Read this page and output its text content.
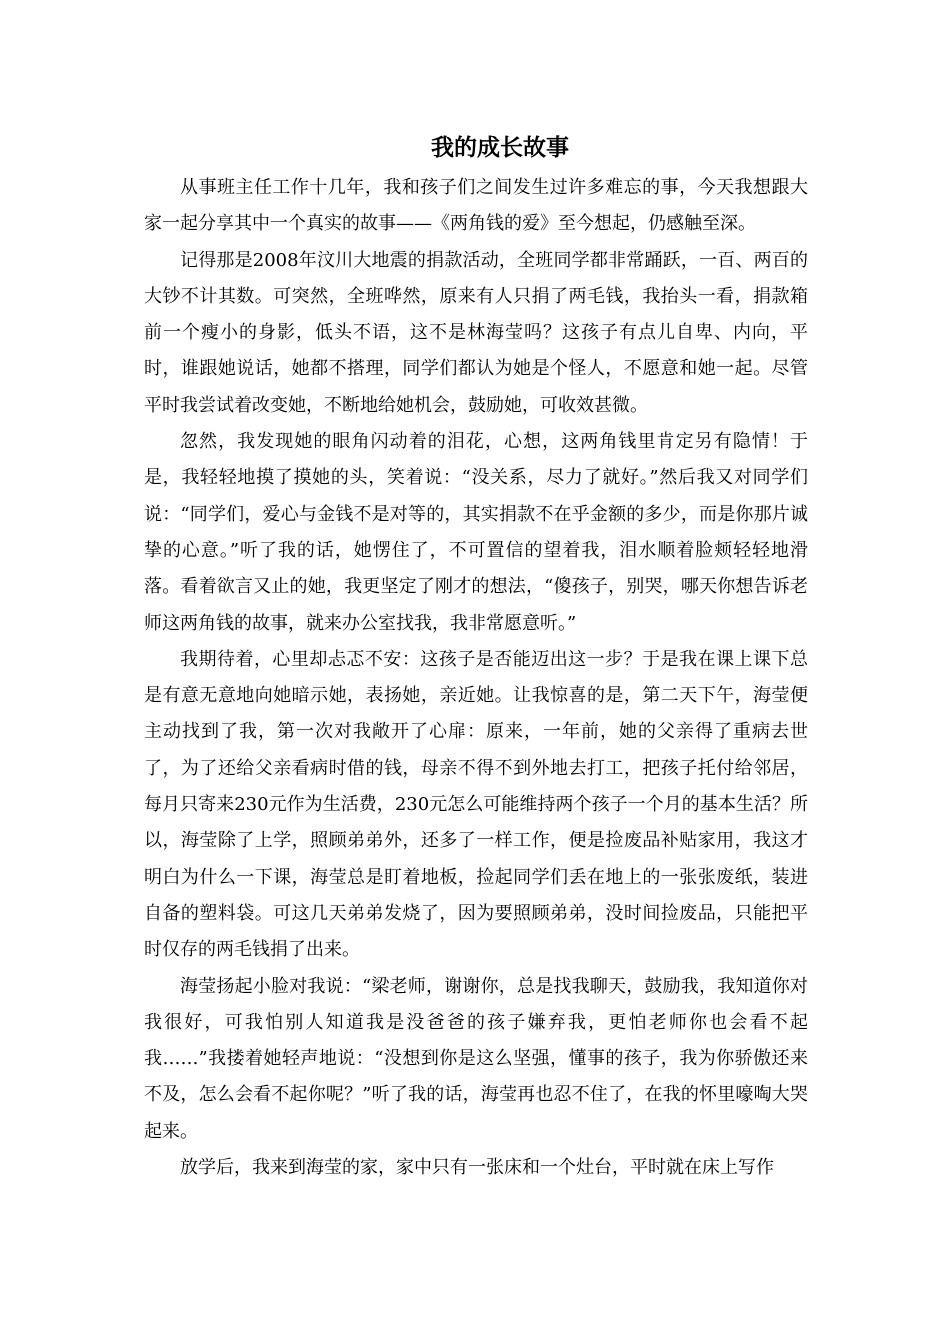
我的成长故事

从事班主任工作十几年，我和孩子们之间发生过许多难忘的事，今天我想跟大家一起分享其中一个真实的故事——《两角钱的爱》至今想起，仍感触至深。

记得那是2008年汶川大地震的捐款活动，全班同学都非常踊跃，一百、两百的大钞不计其数。可突然，全班哗然，原来有人只捐了两毛钱，我抬头一看，捐款箱前一个瘦小的身影，低头不语，这不是林海莹吗？这孩子有点儿自卑、内向，平时，谁跟她说话，她都不搭理，同学们都认为她是个怪人，不愿意和她一起。尽管平时我尝试着改变她，不断地给她机会，鼓励她，可收效甚微。

忽然，我发现她的眼角闪动着的泪花，心想，这两角钱里肯定另有隐情！于是，我轻轻地摸了摸她的头，笑着说：“没关系，尽力了就好。”然后我又对同学们说：“同学们，爱心与金钱不是对等的，其实捐款不在乎金额的多少，而是你那片诚挚的心意。”听了我的话，她愣住了，不可置信的望着我，泪水顺着脸颊轻轻地滑落。看着欲言又止的她，我更坚定了刚才的想法，“傻孩子，别哭，哪天你想告诉老师这两角钱的故事，就来办公室找我，我非常愿意听。”

我期待着，心里却忐忑不安：这孩子是否能迈出这一步？于是我在课上课下总是有意无意地向她暗示她，表扬她，亲近她。让我惊喜的是，第二天下午，海莹便主动找到了我，第一次对我敞开了心扉：原来，一年前，她的父亲得了重病去世了，为了还给父亲看病时借的钱，母亲不得不到外地去打工，把孩子托付给邻居，每月只寄来230元作为生活费，230元怎么可能维持两个孩子一个月的基本生活？所以，海莹除了上学，照顾弟弟外，还多了一样工作，便是捡废品补贴家用，我这才明白为什么一下课，海莹总是盯着地板，捡起同学们丢在地上的一张张废纸，装进自备的塑料袋。可这几天弟弟发烧了，因为要照顾弟弟，没时间捡废品，只能把平时仅存的两毛钱捐了出来。

海莹扬起小脸对我说：“梁老师，谢谢你，总是找我聊天，鼓励我，我知道你对我很好，可我怕别人知道我是没爸爸的孩子嫌弃我，更怕老师你也会看不起我……”我搂着她轻声地说：“没想到你是这么坚强，懂事的孩子，我为你骄傲还来不及，怎么会看不起你呢？”听了我的话，海莹再也忍不住了，在我的怀里嚎啕大哭起来。

放学后，我来到海莹的家，家中只有一张床和一个灶台，平时就在床上写作
